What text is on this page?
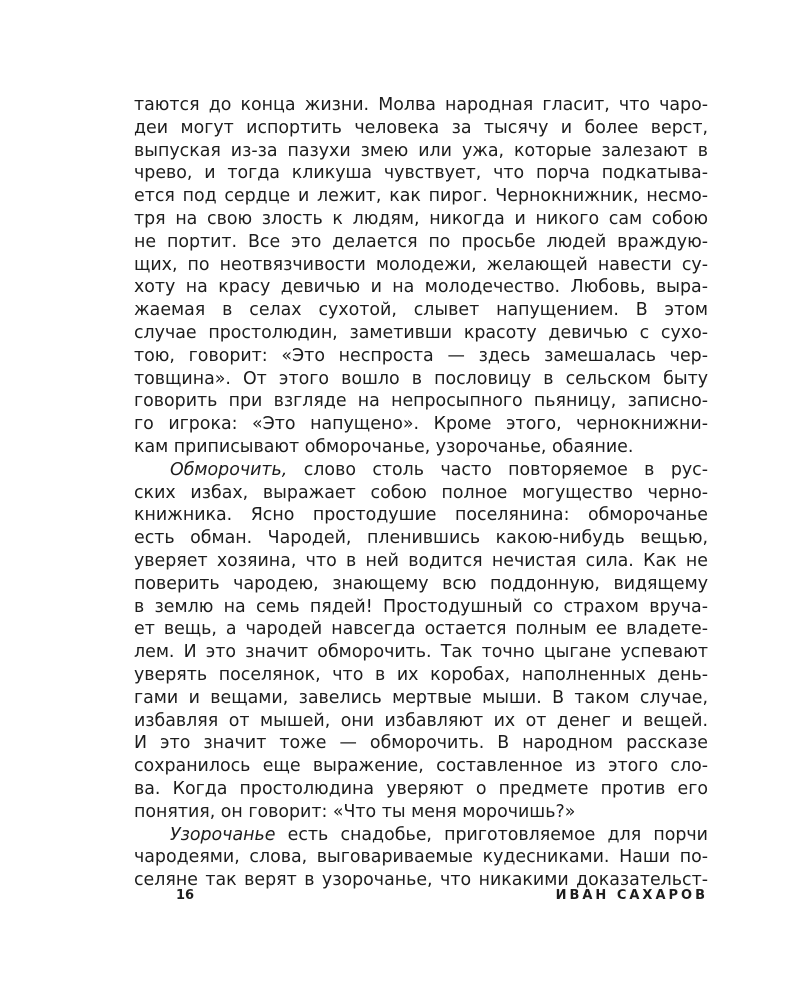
таются до конца жизни. Молва народная гласит, что чаро-
деи могут испортить человека за тысячу и более верст,
выпуская из-за пазухи змею или ужа, которые залезают в
чрево, и тогда кликуша чувствует, что порча подкатыва-
ется под сердце и лежит, как пирог. Чернокнижник, несмо-
тря на свою злость к людям, никогда и никого сам собою
не портит. Все это делается по просьбе людей враждую-
щих, по неотвязчивости молодежи, желающей навести су-
хоту на красу девичью и на молодечество. Любовь, выра-
жаемая в селах сухотой, слывет напущением. В этом
случае простолюдин, заметивши красоту девичью с сухо-
тою, говорит: «Это неспроста — здесь замешалась чер-
товщина». От этого вошло в пословицу в сельском быту
говорить при взгляде на непросыпного пьяницу, записно-
го игрока: «Это напущено». Кроме этого, чернокнижни-
кам приписывают обморочанье, узорочанье, обаяние.
Обморочить, слово столь часто повторяемое в рус-
ских избах, выражает собою полное могущество черно-
книжника. Ясно простодушие поселянина: обморочанье
есть обман. Чародей, пленившись какою-нибудь вещью,
уверяет хозяина, что в ней водится нечистая сила. Как не
поверить чародею, знающему всю поддонную, видящему
в землю на семь пядей! Простодушный со страхом вруча-
ет вещь, а чародей навсегда остается полным ее владете-
лем. И это значит обморочить. Так точно цыгане успевают
уверять поселянок, что в их коробах, наполненных день-
гами и вещами, завелись мертвые мыши. В таком случае,
избавляя от мышей, они избавляют их от денег и вещей.
И это значит тоже — обморочить. В народном рассказе
сохранилось еще выражение, составленное из этого сло-
ва. Когда простолюдина уверяют о предмете против его
понятия, он говорит: «Что ты меня морочишь?»
Узорочанье есть снадобье, приготовляемое для порчи
чародеями, слова, выговариваемые кудесниками. Наши по-
селяне так верят в узорочанье, что никакими доказательст-
16	ИВАН САХАРОВ
